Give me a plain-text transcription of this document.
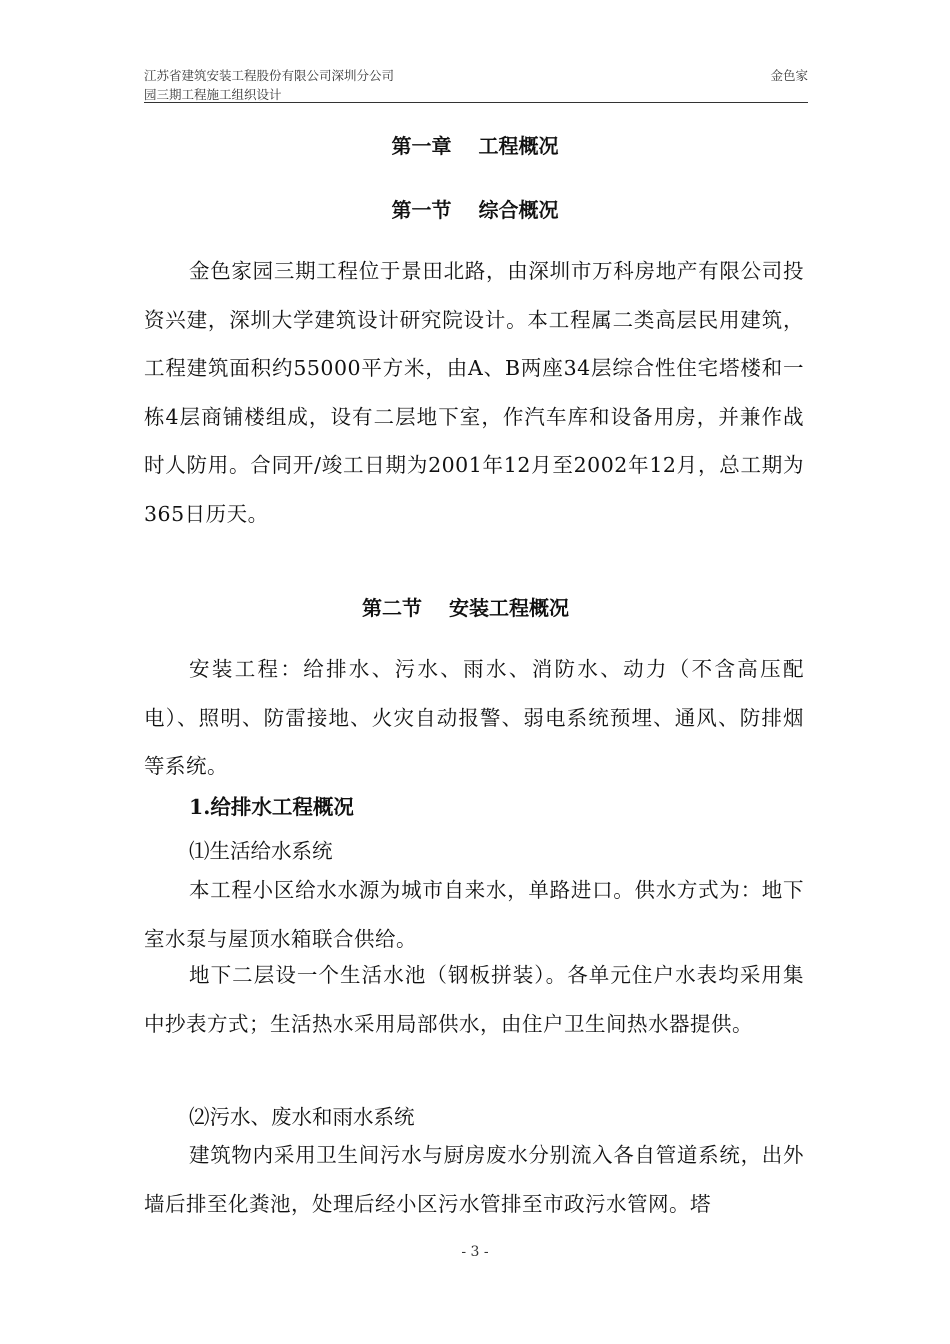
江苏省建筑安装工程股份有限公司深圳分公司
园三期工程施工组织设计
金色家
第一章　 工程概况
第一节　 综合概况
金色家园三期工程位于景田北路，由深圳市万科房地产有限公司投资兴建，深圳大学建筑设计研究院设计。本工程属二类高层民用建筑，工程建筑面积约55000平方米，由A、B两座34层综合性住宅塔楼和一栋4层商铺楼组成，设有二层地下室，作汽车库和设备用房，并兼作战时人防用。合同开/竣工日期为2001年12月至2002年12月，总工期为365日历天。
第二节　 安装工程概况
安装工程：给排水、污水、雨水、消防水、动力（不含高压配电）、照明、防雷接地、火灾自动报警、弱电系统预埋、通风、防排烟等系统。
1.给排水工程概况
⑴生活给水系统
本工程小区给水水源为城市自来水，单路进口。供水方式为：地下室水泵与屋顶水箱联合供给。
地下二层设一个生活水池（钢板拼装）。各单元住户水表均采用集中抄表方式；生活热水采用局部供水，由住户卫生间热水器提供。
⑵污水、废水和雨水系统
建筑物内采用卫生间污水与厨房废水分别流入各自管道系统，出外墙后排至化粪池，处理后经小区污水管排至市政污水管网。塔
- 3 -
